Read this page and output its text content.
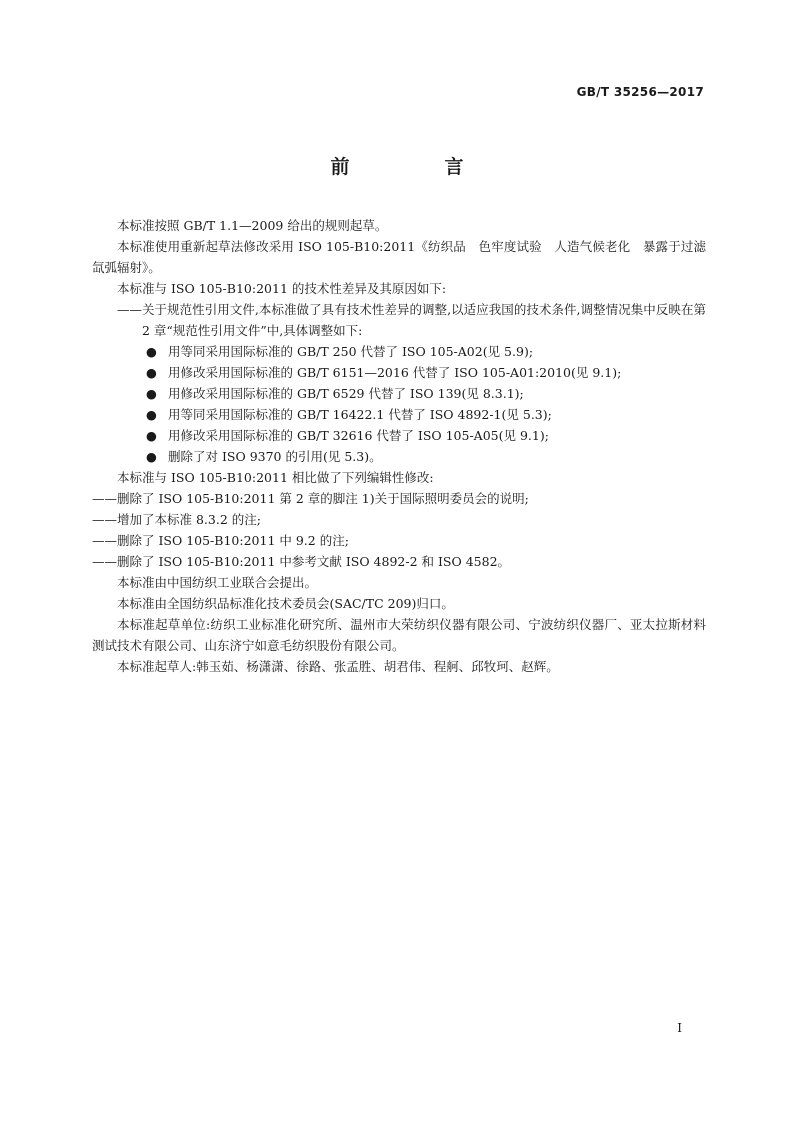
GB/T 35256—2017
前　言

本标准按照 GB/T 1.1—2009 给出的规则起草。

本标准使用重新起草法修改采用 ISO 105-B10:2011《纺织品　色牢度试验　人造气候老化　暴露于过滤氙弧辐射》。

本标准与 ISO 105-B10:2011 的技术性差异及其原因如下:

—— 关于规范性引用文件,本标准做了具有技术性差异的调整,以适应我国的技术条件,调整情况集中反映在第 2 章“规范性引用文件”中,具体调整如下:

● 用等同采用国际标准的 GB/T 250 代替了 ISO 105-A02(见 5.9);
● 用修改采用国际标准的 GB/T 6151—2016 代替了 ISO 105-A01:2010(见 9.1);
● 用修改采用国际标准的 GB/T 6529 代替了 ISO 139(见 8.3.1);
● 用等同采用国际标准的 GB/T 16422.1 代替了 ISO 4892-1(见 5.3);
● 用修改采用国际标准的 GB/T 32616 代替了 ISO 105-A05(见 9.1);
● 删除了对 ISO 9370 的引用(见 5.3)。

本标准与 ISO 105-B10:2011 相比做了下列编辑性修改:

—— 删除了 ISO 105-B10:2011 第 2 章的脚注 1)关于国际照明委员会的说明;

—— 增加了本标准 8.3.2 的注;

—— 删除了 ISO 105-B10:2011 中 9.2 的注;

—— 删除了 ISO 105-B10:2011 中参考文献 ISO 4892-2 和 ISO 4582。

本标准由中国纺织工业联合会提出。

本标准由全国纺织品标准化技术委员会(SAC/TC 209)归口。

本标准起草单位:纺织工业标准化研究所、温州市大荣纺织仪器有限公司、宁波纺织仪器厂、亚太拉斯材料测试技术有限公司、山东济宁如意毛纺织股份有限公司。

本标准起草人:韩玉茹、杨潇潇、徐路、张孟胜、胡君伟、程舸、邱牧珂、赵辉。

I
